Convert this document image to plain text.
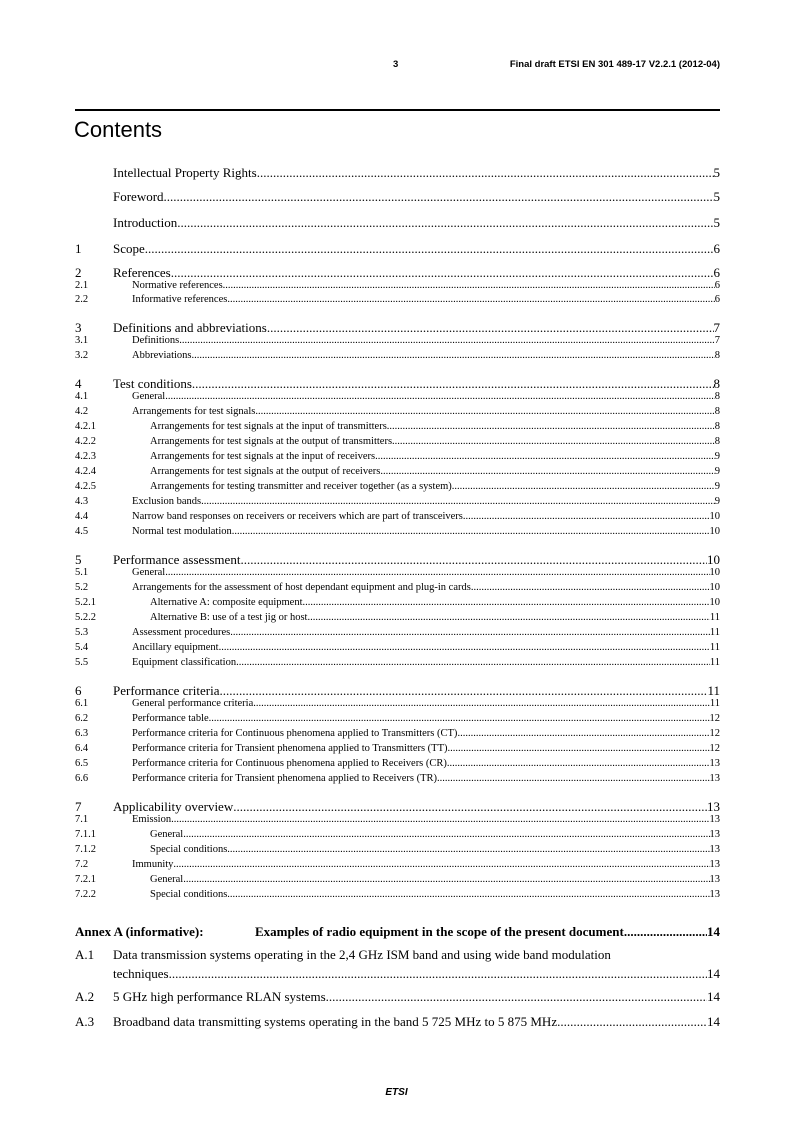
3	Final draft ETSI EN 301 489-17 V2.2.1 (2012-04)
Contents
Intellectual Property Rights .....	5
Foreword .....	5
Introduction .....	5
1	Scope .....	6
2	References .....	6
2.1	Normative references .....	6
2.2	Informative references .....	6
3	Definitions and abbreviations .....	7
3.1	Definitions .....	7
3.2	Abbreviations .....	8
4	Test conditions .....	8
4.1	General .....	8
4.2	Arrangements for test signals .....	8
4.2.1	Arrangements for test signals at the input of transmitters .....	8
4.2.2	Arrangements for test signals at the output of transmitters .....	8
4.2.3	Arrangements for test signals at the input of receivers .....	9
4.2.4	Arrangements for test signals at the output of receivers .....	9
4.2.5	Arrangements for testing transmitter and receiver together (as a system) .....	9
4.3	Exclusion bands .....	9
4.4	Narrow band responses on receivers or receivers which are part of transceivers .....	10
4.5	Normal test modulation .....	10
5	Performance assessment .....	10
5.1	General .....	10
5.2	Arrangements for the assessment of host dependant equipment and plug-in cards .....	10
5.2.1	Alternative A: composite equipment .....	10
5.2.2	Alternative B: use of a test jig or host .....	11
5.3	Assessment procedures .....	11
5.4	Ancillary equipment .....	11
5.5	Equipment classification .....	11
6	Performance criteria .....	11
6.1	General performance criteria .....	11
6.2	Performance table .....	12
6.3	Performance criteria for Continuous phenomena applied to Transmitters (CT) .....	12
6.4	Performance criteria for Transient phenomena applied to Transmitters (TT) .....	12
6.5	Performance criteria for Continuous phenomena applied to Receivers (CR) .....	13
6.6	Performance criteria for Transient phenomena applied to Receivers (TR) .....	13
7	Applicability overview .....	13
7.1	Emission .....	13
7.1.1	General .....	13
7.1.2	Special conditions .....	13
7.2	Immunity .....	13
7.2.1	General .....	13
7.2.2	Special conditions .....	13
Annex A (informative):	Examples of radio equipment in the scope of the present document .....	14
A.1	Data transmission systems operating in the 2,4 GHz ISM band and using wide band modulation
techniques .....	14
A.2	5 GHz high performance RLAN systems .....	14
A.3	Broadband data transmitting systems operating in the band 5 725 MHz to 5 875 MHz .....	14
ETSI
